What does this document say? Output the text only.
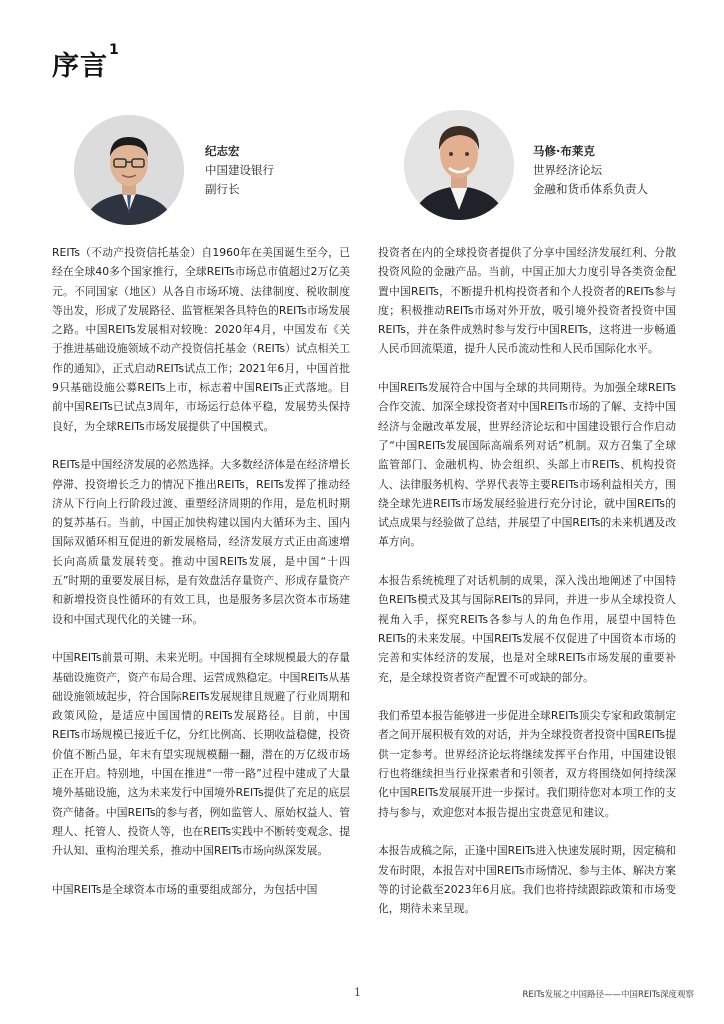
序言$^1$
纪志宏
中国建设银行
副行长
马修·布莱克
世界经济论坛
金融和货币体系负责人

REITs（不动产投资信托基金）自1960年在美国诞生至今，已经在全球40多个国家推行，全球REITs市场总市值超过2万亿美元。不同国家（地区）从各自市场环境、法律制度、税收制度等出发，形成了发展路径、监管框架各具特色的REITs市场发展之路。中国REITs发展相对较晚：2020年4月，中国发布《关于推进基础设施领域不动产投资信托基金（REITs）试点相关工作的通知》，正式启动REITs试点工作；2021年6月，中国首批9只基础设施公募REITs上市，标志着中国REITs正式落地。目前中国REITs已试点3周年，市场运行总体平稳，发展势头保持良好，为全球REITs市场发展提供了中国模式。

REITs是中国经济发展的必然选择。大多数经济体是在经济增长停滞、投资增长乏力的情况下推出REITs，REITs发挥了推动经济从下行向上行阶段过渡、重塑经济周期的作用，是危机时期的复苏基石。当前，中国正加快构建以国内大循环为主、国内国际双循环相互促进的新发展格局，经济发展方式正由高速增长向高质量发展转变。推动中国REITs发展，是中国“十四五”时期的重要发展目标，是有效盘活存量资产、形成存量资产和新增投资良性循环的有效工具，也是服务多层次资本市场建设和中国式现代化的关键一环。

中国REITs前景可期、未来光明。中国拥有全球规模最大的存量基础设施资产，资产布局合理、运营成熟稳定。中国REITs从基础设施领域起步，符合国际REITs发展规律且规避了行业周期和政策风险，是适应中国国情的REITs发展路径。目前，中国REITs市场规模已接近千亿，分红比例高、长期收益稳健，投资价值不断凸显，年末有望实现规模翻一翻，潜在的万亿级市场正在开启。特别地，中国在推进“一带一路”过程中建成了大量境外基础设施，这为未来发行中国境外REITs提供了充足的底层资产储备。中国REITs的参与者，例如监管人、原始权益人、管理人、托管人、投资人等，也在REITs实践中不断转变观念、提升认知、重构治理关系，推动中国REITs市场向纵深发展。

中国REITs是全球资本市场的重要组成部分，为包括中国

投资者在内的全球投资者提供了分享中国经济发展红利、分散投资风险的金融产品。当前，中国正加大力度引导各类资金配置中国REITs，不断提升机构投资者和个人投资者的REITs参与度；积极推动REITs市场对外开放，吸引境外投资者投资中国REITs，并在条件成熟时参与发行中国REITs，这将进一步畅通人民币回流渠道，提升人民币流动性和人民币国际化水平。

中国REITs发展符合中国与全球的共同期待。为加强全球REITs合作交流、加深全球投资者对中国REITs市场的了解、支持中国经济与金融改革发展，世界经济论坛和中国建设银行合作启动了“中国REITs发展国际高端系列对话”机制。双方召集了全球监管部门、金融机构、协会组织、头部上市REITs、机构投资人、法律服务机构、学界代表等主要REITs市场利益相关方，围绕全球先进REITs市场发展经验进行充分讨论，就中国REITs的试点成果与经验做了总结，并展望了中国REITs的未来机遇及改革方向。

本报告系统梳理了对话机制的成果，深入浅出地阐述了中国特色REITs模式及其与国际REITs的异同，并进一步从全球投资人视角入手，探究REITs各参与人的角色作用，展望中国特色REITs的未来发展。中国REITs发展不仅促进了中国资本市场的完善和实体经济的发展，也是对全球REITs市场发展的重要补充，是全球投资者资产配置不可或缺的部分。

我们希望本报告能够进一步促进全球REITs顶尖专家和政策制定者之间开展积极有效的对话，并为全球投资者投资中国REITs提供一定参考。世界经济论坛将继续发挥平台作用，中国建设银行也将继续担当行业探索者和引领者，双方将围绕如何持续深化中国REITs发展展开进一步探讨。我们期待您对本项工作的支持与参与，欢迎您对本报告提出宝贵意见和建议。

本报告成稿之际，正逢中国REITs进入快速发展时期，因定稿和发布时限，本报告对中国REITs市场情况、参与主体、解决方案等的讨论截至2023年6月底。我们也将持续跟踪政策和市场变化，期待未来呈现。

1	REITs发展之中国路径——中国REITs深度观察
